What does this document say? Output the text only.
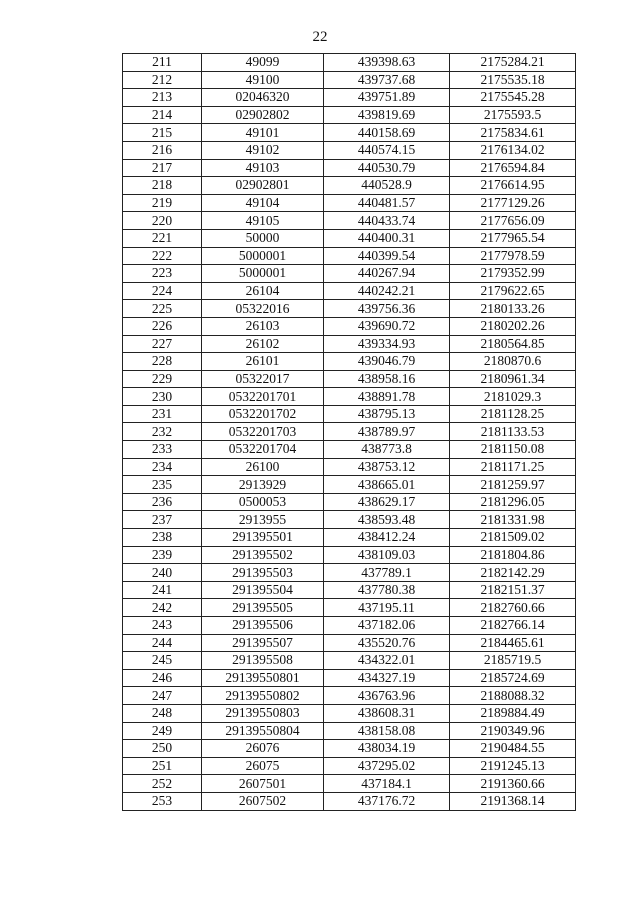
22
211	49099	439398.63	2175284.21
212	49100	439737.68	2175535.18
213	02046320	439751.89	2175545.28
214	02902802	439819.69	2175593.5
215	49101	440158.69	2175834.61
216	49102	440574.15	2176134.02
217	49103	440530.79	2176594.84
218	02902801	440528.9	2176614.95
219	49104	440481.57	2177129.26
220	49105	440433.74	2177656.09
221	50000	440400.31	2177965.54
222	5000001	440399.54	2177978.59
223	5000001	440267.94	2179352.99
224	26104	440242.21	2179622.65
225	05322016	439756.36	2180133.26
226	26103	439690.72	2180202.26
227	26102	439334.93	2180564.85
228	26101	439046.79	2180870.6
229	05322017	438958.16	2180961.34
230	0532201701	438891.78	2181029.3
231	0532201702	438795.13	2181128.25
232	0532201703	438789.97	2181133.53
233	0532201704	438773.8	2181150.08
234	26100	438753.12	2181171.25
235	2913929	438665.01	2181259.97
236	0500053	438629.17	2181296.05
237	2913955	438593.48	2181331.98
238	291395501	438412.24	2181509.02
239	291395502	438109.03	2181804.86
240	291395503	437789.1	2182142.29
241	291395504	437780.38	2182151.37
242	291395505	437195.11	2182760.66
243	291395506	437182.06	2182766.14
244	291395507	435520.76	2184465.61
245	291395508	434322.01	2185719.5
246	29139550801	434327.19	2185724.69
247	29139550802	436763.96	2188088.32
248	29139550803	438608.31	2189884.49
249	29139550804	438158.08	2190349.96
250	26076	438034.19	2190484.55
251	26075	437295.02	2191245.13
252	2607501	437184.1	2191360.66
253	2607502	437176.72	2191368.14
